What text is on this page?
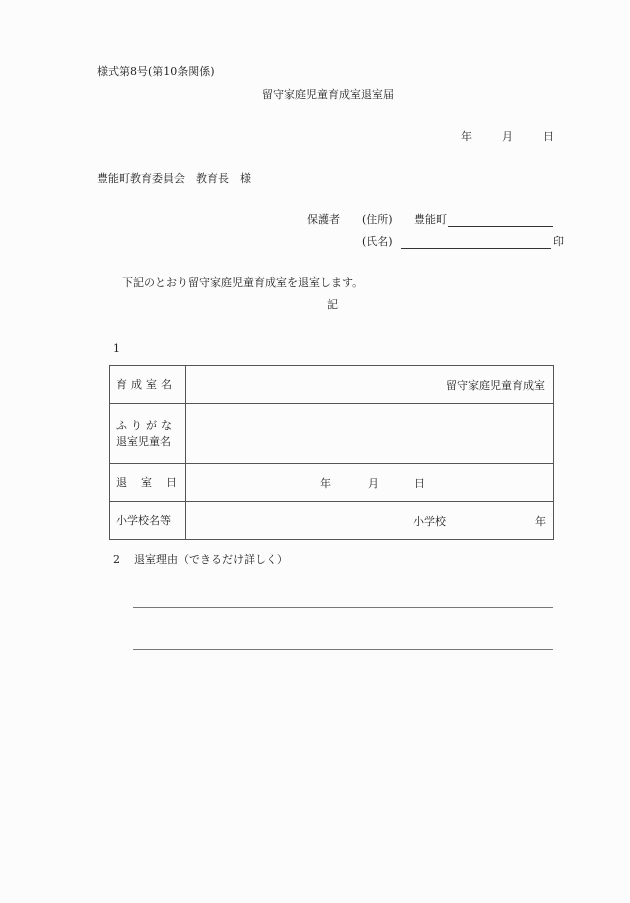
様式第8号(第10条関係)
留守家庭児童育成室退室届
年	月	日
豊能町教育委員会　教育長　様
保護者 (住所) 豊能町
(氏名)	印
下記のとおり留守家庭児童育成室を退室します。
記
1
育成室名	留守家庭児童育成室

ふりがな
退室児童名	

退 室 日	年 月 日

小学校名等	小学校 年
2 退室理由（できるだけ詳しく）
